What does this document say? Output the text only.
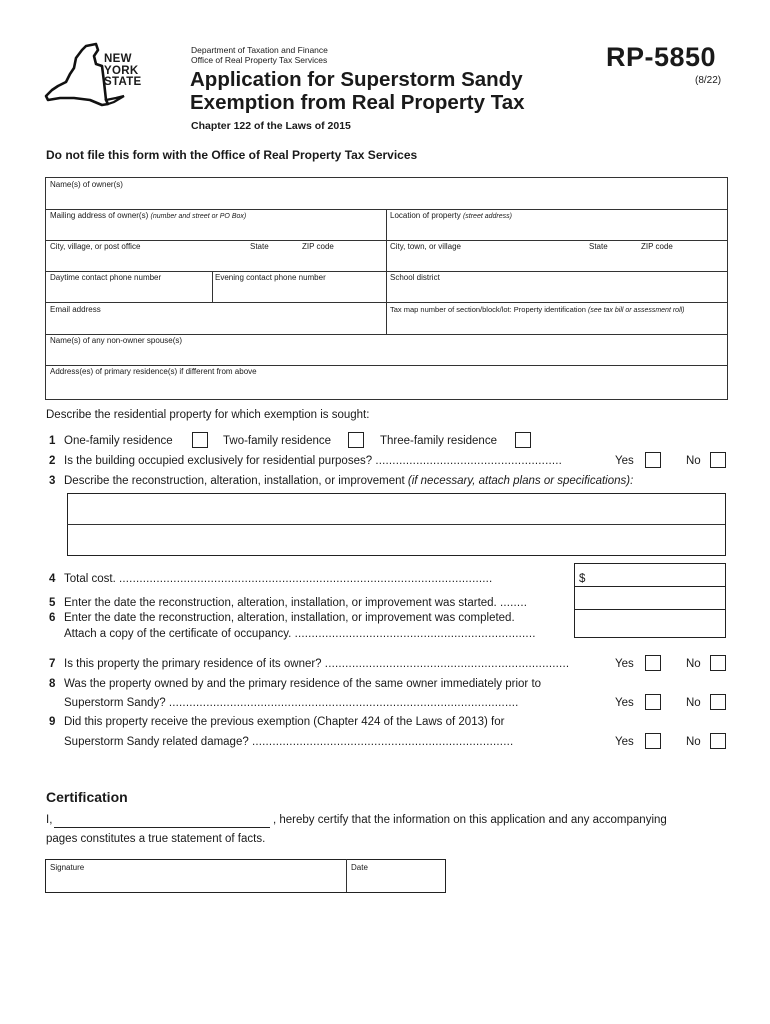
NEW
YORK
STATE
Department of Taxation and Finance
Office of Real Property Tax Services
Application for Superstorm Sandy
Exemption from Real Property Tax
Chapter 122 of the Laws of 2015
RP-5850
(8/22)
Do not file this form with the Office of Real Property Tax Services
Name(s) of owner(s)
Mailing address of owner(s) (number and street or PO Box)	Location of property (street address)
City, village, or post office	State	ZIP code	City, town, or village	State	ZIP code
Daytime contact phone number	Evening contact phone number	School district
Email address	Tax map number of section/block/lot: Property identification (see tax bill or assessment roll)
Name(s) of any non-owner spouse(s)
Address(es) of primary residence(s) if different from above
Describe the residential property for which exemption is sought:
1 One-family residence	Two-family residence	Three-family residence
2 Is the building occupied exclusively for residential purposes? .......................................................	Yes	No
3 Describe the reconstruction, alteration, installation, or improvement (if necessary, attach plans or specifications):
4 Total cost. ..............................................................................................................	$
5 Enter the date the reconstruction, alteration, installation, or improvement was started. ........
6 Enter the date the reconstruction, alteration, installation, or improvement was completed.
Attach a copy of the certificate of occupancy. .......................................................................
7 Is this property the primary residence of its owner? ........................................................................	Yes	No
8 Was the property owned by and the primary residence of the same owner immediately prior to
Superstorm Sandy? .......................................................................................................	Yes	No
9 Did this property receive the previous exemption (Chapter 424 of the Laws of 2013) for
Superstorm Sandy related damage? .............................................................................	Yes	No
Certification
I,	, hereby certify that the information on this application and any accompanying
pages constitutes a true statement of facts.
Signature	Date
